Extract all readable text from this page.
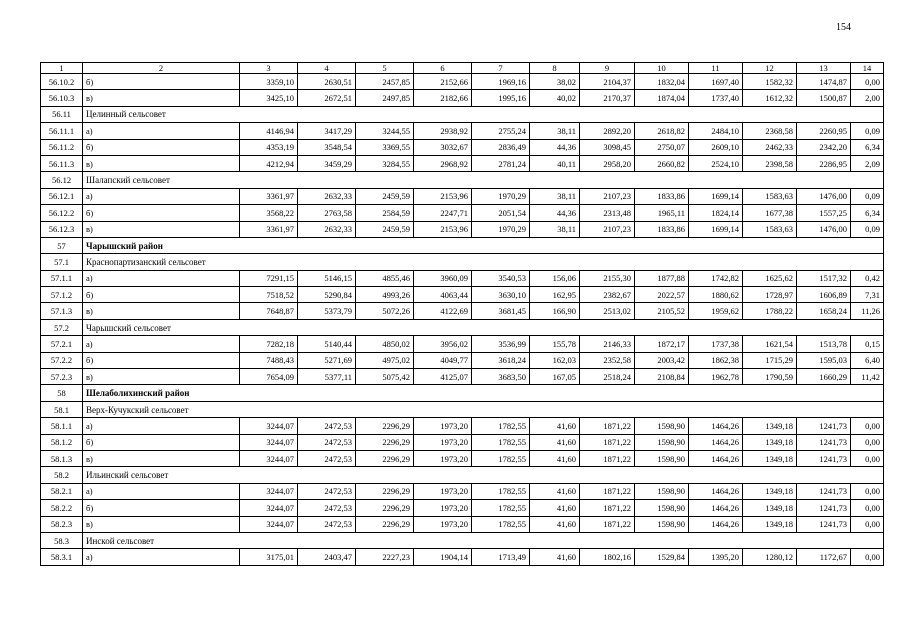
154
1	2	3	4	5	6	7	8	9	10	11	12	13	14
56.10.2	б)	3359,10	2630,51	2457,85	2152,66	1969,16	38,02	2104,37	1832,04	1697,40	1582,32	1474,87	0,00
56.10.3	в)	3425,10	2672,51	2497,85	2182,66	1995,16	40,02	2170,37	1874,04	1737,40	1612,32	1500,87	2,00
56.11	Целинный сельсовет												
56.11.1	а)	4146,94	3417,29	3244,55	2938,92	2755,24	38,11	2892,20	2618,82	2484,10	2368,58	2260,95	0,09
56.11.2	б)	4353,19	3548,54	3369,55	3032,67	2836,49	44,36	3098,45	2750,07	2609,10	2462,33	2342,20	6,34
56.11.3	в)	4212,94	3459,29	3284,55	2968,92	2781,24	40,11	2958,20	2660,82	2524,10	2398,58	2286,95	2,09
56.12	Шалапский сельсовет												
56.12.1	а)	3361,97	2632,33	2459,59	2153,96	1970,29	38,11	2107,23	1833,86	1699,14	1583,63	1476,00	0,09
56.12.2	б)	3568,22	2763,58	2584,59	2247,71	2051,54	44,36	2313,48	1965,11	1824,14	1677,38	1557,25	6,34
56.12.3	в)	3361,97	2632,33	2459,59	2153,96	1970,29	38,11	2107,23	1833,86	1699,14	1583,63	1476,00	0,09
57	Чарышский район												
57.1	Краснопартизанский сельсовет												
57.1.1	а)	7291,15	5146,15	4855,46	3960,09	3540,53	156,06	2155,30	1877,88	1742,82	1625,62	1517,32	0,42
57.1.2	б)	7518,52	5290,84	4993,26	4063,44	3630,10	162,95	2382,67	2022,57	1880,62	1728,97	1606,89	7,31
57.1.3	в)	7648,87	5373,79	5072,26	4122,69	3681,45	166,90	2513,02	2105,52	1959,62	1788,22	1658,24	11,26
57.2	Чарышский сельсовет												
57.2.1	а)	7282,18	5140,44	4850,02	3956,02	3536,99	155,78	2146,33	1872,17	1737,38	1621,54	1513,78	0,15
57.2.2	б)	7488,43	5271,69	4975,02	4049,77	3618,24	162,03	2352,58	2003,42	1862,38	1715,29	1595,03	6,40
57.2.3	в)	7654,09	5377,11	5075,42	4125,07	3683,50	167,05	2518,24	2108,84	1962,78	1790,59	1660,29	11,42
58	Шелаболихинский район												
58.1	Верх-Кучукский сельсовет												
58.1.1	а)	3244,07	2472,53	2296,29	1973,20	1782,55	41,60	1871,22	1598,90	1464,26	1349,18	1241,73	0,00
58.1.2	б)	3244,07	2472,53	2296,29	1973,20	1782,55	41,60	1871,22	1598,90	1464,26	1349,18	1241,73	0,00
58.1.3	в)	3244,07	2472,53	2296,29	1973,20	1782,55	41,60	1871,22	1598,90	1464,26	1349,18	1241,73	0,00
58.2	Ильинский сельсовет												
58.2.1	а)	3244,07	2472,53	2296,29	1973,20	1782,55	41,60	1871,22	1598,90	1464,26	1349,18	1241,73	0,00
58.2.2	б)	3244,07	2472,53	2296,29	1973,20	1782,55	41,60	1871,22	1598,90	1464,26	1349,18	1241,73	0,00
58.2.3	в)	3244,07	2472,53	2296,29	1973,20	1782,55	41,60	1871,22	1598,90	1464,26	1349,18	1241,73	0,00
58.3	Инской сельсовет												
58.3.1	а)	3175,01	2403,47	2227,23	1904,14	1713,49	41,60	1802,16	1529,84	1395,20	1280,12	1172,67	0,00
